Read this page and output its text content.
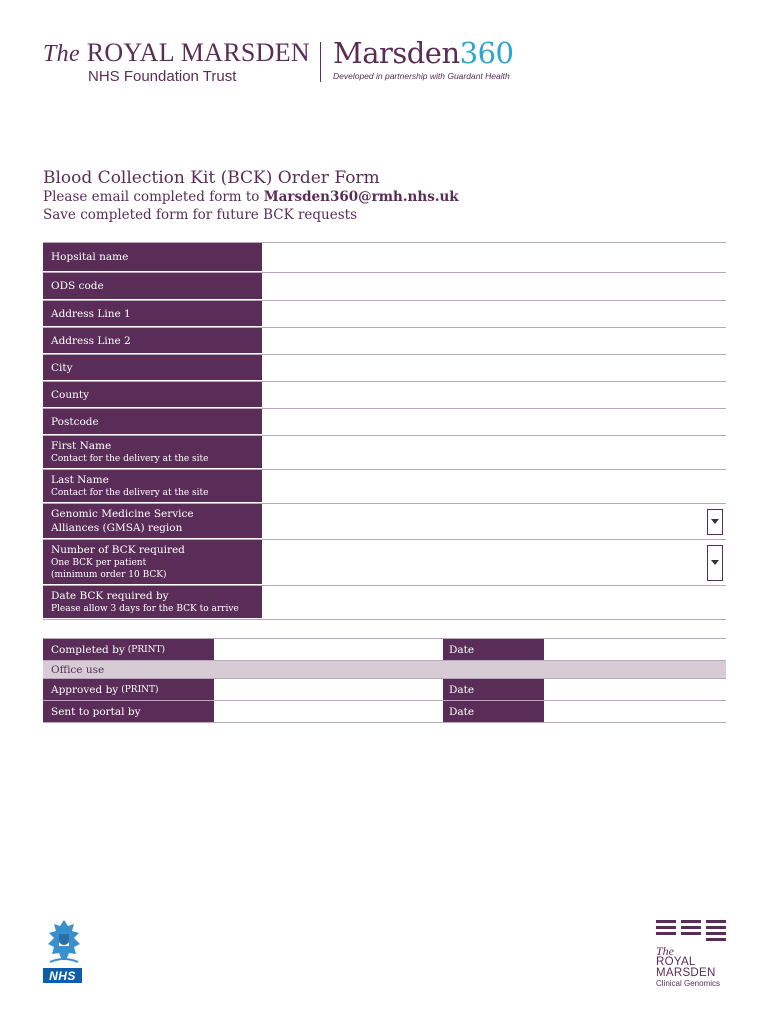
The ROYAL MARSDEN
NHS Foundation Trust
Marsden360
Developed in partnership with Guardant Health
Blood Collection Kit (BCK) Order Form
Please email completed form to Marsden360@rmh.nhs.uk
Save completed form for future BCK requests
Hopsital name
ODS code
Address Line 1
Address Line 2
City
County
Postcode
First Name
Contact for the delivery at the site
Last Name
Contact for the delivery at the site
Genomic Medicine Service
Alliances (GMSA) region
Number of BCK required
One BCK per patient
(minimum order 10 BCK)
Date BCK required by
Please allow 3 days for the BCK to arrive
Completed by (PRINT)	Date
Office use
Approved by (PRINT)	Date
Sent to portal by	Date
NHS
The
ROYAL
MARSDEN
Clinical Genomics
